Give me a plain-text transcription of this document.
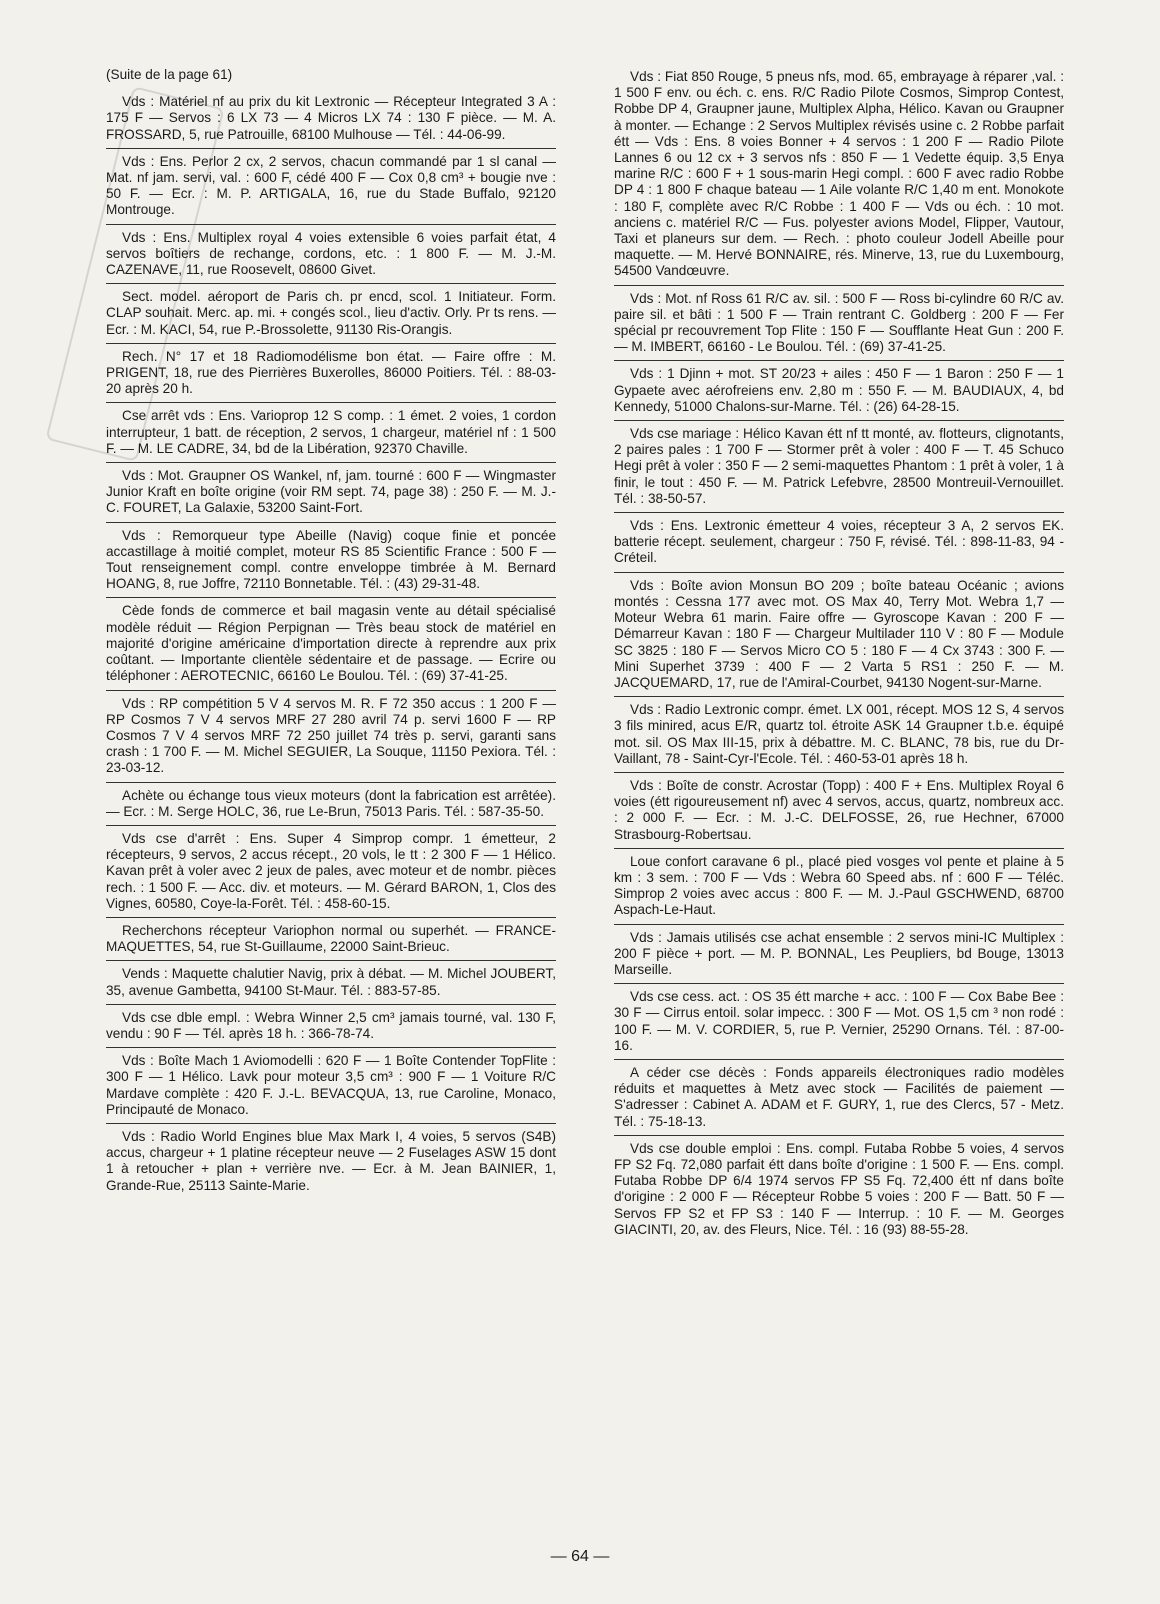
(Suite de la page 61)

Vds : Matériel nf au prix du kit Lextronic — Récepteur Integrated 3 A : 175 F — Servos : 6 LX 73 — 4 Micros LX 74 : 130 F pièce. — M. A. FROSSARD, 5, rue Patrouille, 68100 Mulhouse — Tél. : 44-06-99.

Vds : Ens. Perlor 2 cx, 2 servos, chacun commandé par 1 sl canal — Mat. nf jam. servi, val. : 600 F, cédé 400 F — Cox 0,8 cm³ + bougie nve : 50 F. — Ecr. : M. P. ARTIGALA, 16, rue du Stade Buffalo, 92120 Montrouge.

Vds : Ens. Multiplex royal 4 voies extensible 6 voies parfait état, 4 servos boîtiers de rechange, cordons, etc. : 1 800 F. — M. J.-M. CAZENAVE, 11, rue Roosevelt, 08600 Givet.

Sect. model. aéroport de Paris ch. pr encd, scol. 1 Initiateur. Form. CLAP souhait. Merc. ap. mi. + congés scol., lieu d'activ. Orly. Pr ts rens. — Ecr. : M. KACI, 54, rue P.-Brossolette, 91130 Ris-Orangis.

Rech. N° 17 et 18 Radiomodélisme bon état. — Faire offre : M. PRIGENT, 18, rue des Pierrières Buxerolles, 86000 Poitiers. Tél. : 88-03-20 après 20 h.

Cse arrêt vds : Ens. Varioprop 12 S comp. : 1 émet. 2 voies, 1 cordon interrupteur, 1 batt. de réception, 2 servos, 1 chargeur, matériel nf : 1 500 F. — M. LE CADRE, 34, bd de la Libération, 92370 Chaville.

Vds : Mot. Graupner OS Wankel, nf, jam. tourné : 600 F — Wingmaster Junior Kraft en boîte origine (voir RM sept. 74, page 38) : 250 F. — M. J.-C. FOURET, La Galaxie, 53200 Saint-Fort.

Vds : Remorqueur type Abeille (Navig) coque finie et poncée accastillage à moitié complet, moteur RS 85 Scientific France : 500 F — Tout renseignement compl. contre enveloppe timbrée à M. Bernard HOANG, 8, rue Joffre, 72110 Bonnetable. Tél. : (43) 29-31-48.

Cède fonds de commerce et bail magasin vente au détail spécialisé modèle réduit — Région Perpignan — Très beau stock de matériel en majorité d'origine américaine d'importation directe à reprendre aux prix coûtant. — Importante clientèle sédentaire et de passage. — Ecrire ou téléphoner : AEROTECNIC, 66160 Le Boulou. Tél. : (69) 37-41-25.

Vds : RP compétition 5 V 4 servos M. R. F 72 350 accus : 1 200 F — RP Cosmos 7 V 4 servos MRF 27 280 avril 74 p. servi 1600 F — RP Cosmos 7 V 4 servos MRF 72 250 juillet 74 très p. servi, garanti sans crash : 1 700 F. — M. Michel SEGUIER, La Souque, 11150 Pexiora. Tél. : 23-03-12.

Achète ou échange tous vieux moteurs (dont la fabrication est arrêtée). — Ecr. : M. Serge HOLC, 36, rue Le-Brun, 75013 Paris. Tél. : 587-35-50.

Vds cse d'arrêt : Ens. Super 4 Simprop compr. 1 émetteur, 2 récepteurs, 9 servos, 2 accus récept., 20 vols, le tt : 2 300 F — 1 Hélico. Kavan prêt à voler avec 2 jeux de pales, avec moteur et de nombr. pièces rech. : 1 500 F. — Acc. div. et moteurs. — M. Gérard BARON, 1, Clos des Vignes, 60580, Coye-la-Forêt. Tél. : 458-60-15.

Recherchons récepteur Variophon normal ou superhét. — FRANCE-MAQUETTES, 54, rue St-Guillaume, 22000 Saint-Brieuc.

Vends : Maquette chalutier Navig, prix à débat. — M. Michel JOUBERT, 35, avenue Gambetta, 94100 St-Maur. Tél. : 883-57-85.

Vds cse dble empl. : Webra Winner 2,5 cm³ jamais tourné, val. 130 F, vendu : 90 F — Tél. après 18 h. : 366-78-74.

Vds : Boîte Mach 1 Aviomodelli : 620 F — 1 Boîte Contender TopFlite : 300 F — 1 Hélico. Lavk pour moteur 3,5 cm³ : 900 F — 1 Voiture R/C Mardave complète : 420 F. J.-L. BEVACQUA, 13, rue Caroline, Monaco, Principauté de Monaco.

Vds : Radio World Engines blue Max Mark I, 4 voies, 5 servos (S4B) accus, chargeur + 1 platine récepteur neuve — 2 Fuselages ASW 15 dont 1 à retoucher + plan + verrière nve. — Ecr. à M. Jean BAINIER, 1, Grande-Rue, 25113 Sainte-Marie.

Vds : Fiat 850 Rouge, 5 pneus nfs, mod. 65, embrayage à réparer ,val. : 1 500 F env. ou éch. c. ens. R/C Radio Pilote Cosmos, Simprop Contest, Robbe DP 4, Graupner jaune, Multiplex Alpha, Hélico. Kavan ou Graupner à monter. — Echange : 2 Servos Multiplex révisés usine c. 2 Robbe parfait étt — Vds : Ens. 8 voies Bonner + 4 servos : 1 200 F — Radio Pilote Lannes 6 ou 12 cx + 3 servos nfs : 850 F — 1 Vedette équip. 3,5 Enya marine R/C : 600 F + 1 sous-marin Hegi compl. : 600 F avec radio Robbe DP 4 : 1 800 F chaque bateau — 1 Aile volante R/C 1,40 m ent. Monokote : 180 F, complète avec R/C Robbe : 1 400 F — Vds ou éch. : 10 mot. anciens c. matériel R/C — Fus. polyester avions Model, Flipper, Vautour, Taxi et planeurs sur dem. — Rech. : photo couleur Jodell Abeille pour maquette. — M. Hervé BONNAIRE, rés. Minerve, 13, rue du Luxembourg, 54500 Vandœuvre.

Vds : Mot. nf Ross 61 R/C av. sil. : 500 F — Ross bi-cylindre 60 R/C av. paire sil. et bâti : 1 500 F — Train rentrant C. Goldberg : 200 F — Fer spécial pr recouvrement Top Flite : 150 F — Soufflante Heat Gun : 200 F. — M. IMBERT, 66160 - Le Boulou. Tél. : (69) 37-41-25.

Vds : 1 Djinn + mot. ST 20/23 + ailes : 450 F — 1 Baron : 250 F — 1 Gypaete avec aérofreiens env. 2,80 m : 550 F. — M. BAUDIAUX, 4, bd Kennedy, 51000 Chalons-sur-Marne. Tél. : (26) 64-28-15.

Vds cse mariage : Hélico Kavan étt nf tt monté, av. flotteurs, clignotants, 2 paires pales : 1 700 F — Stormer prêt à voler : 400 F — T. 45 Schuco Hegi prêt à voler : 350 F — 2 semi-maquettes Phantom : 1 prêt à voler, 1 à finir, le tout : 450 F. — M. Patrick Lefebvre, 28500 Montreuil-Vernouillet. Tél. : 38-50-57.

Vds : Ens. Lextronic émetteur 4 voies, récepteur 3 A, 2 servos EK. batterie récept. seulement, chargeur : 750 F, révisé. Tél. : 898-11-83, 94 - Créteil.

Vds : Boîte avion Monsun BO 209 ; boîte bateau Océanic ; avions montés : Cessna 177 avec mot. OS Max 40, Terry Mot. Webra 1,7 — Moteur Webra 61 marin. Faire offre — Gyroscope Kavan : 200 F — Démarreur Kavan : 180 F — Chargeur Multilader 110 V : 80 F — Module SC 3825 : 180 F — Servos Micro CO 5 : 180 F — 4 Cx 3743 : 300 F. — Mini Superhet 3739 : 400 F — 2 Varta 5 RS1 : 250 F. — M. JACQUEMARD, 17, rue de l'Amiral-Courbet, 94130 Nogent-sur-Marne.

Vds : Radio Lextronic compr. émet. LX 001, récept. MOS 12 S, 4 servos 3 fils minired, acus E/R, quartz tol. étroite ASK 14 Graupner t.b.e. équipé mot. sil. OS Max III-15, prix à débattre. M. C. BLANC, 78 bis, rue du Dr-Vaillant, 78 - Saint-Cyr-l'Ecole. Tél. : 460-53-01 après 18 h.

Vds : Boîte de constr. Acrostar (Topp) : 400 F + Ens. Multiplex Royal 6 voies (étt rigoureusement nf) avec 4 servos, accus, quartz, nombreux acc. : 2 000 F. — Ecr. : M. J.-C. DELFOSSE, 26, rue Hechner, 67000 Strasbourg-Robertsau.

Loue confort caravane 6 pl., placé pied vosges vol pente et plaine à 5 km : 3 sem. : 700 F — Vds : Webra 60 Speed abs. nf : 600 F — Téléc. Simprop 2 voies avec accus : 800 F. — M. J.-Paul GSCHWEND, 68700 Aspach-Le-Haut.

Vds : Jamais utilisés cse achat ensemble : 2 servos mini-IC Multiplex : 200 F pièce + port. — M. P. BONNAL, Les Peupliers, bd Bouge, 13013 Marseille.

Vds cse cess. act. : OS 35 étt marche + acc. : 100 F — Cox Babe Bee : 30 F — Cirrus entoil. solar impecc. : 300 F — Mot. OS 1,5 cm ³ non rodé : 100 F. — M. V. CORDIER, 5, rue P. Vernier, 25290 Ornans. Tél. : 87-00-16.

A céder cse décès : Fonds appareils électroniques radio modèles réduits et maquettes à Metz avec stock — Facilités de paiement — S'adresser : Cabinet A. ADAM et F. GURY, 1, rue des Clercs, 57 - Metz. Tél. : 75-18-13.

Vds cse double emploi : Ens. compl. Futaba Robbe 5 voies, 4 servos FP S2 Fq. 72,080 parfait étt dans boîte d'origine : 1 500 F. — Ens. compl. Futaba Robbe DP 6/4 1974 servos FP S5 Fq. 72,400 étt nf dans boîte d'origine : 2 000 F — Récepteur Robbe 5 voies : 200 F — Batt. 50 F — Servos FP S2 et FP S3 : 140 F — Interrup. : 10 F. — M. Georges GIACINTI, 20, av. des Fleurs, Nice. Tél. : 16 (93) 88-55-28.

— 64 —
